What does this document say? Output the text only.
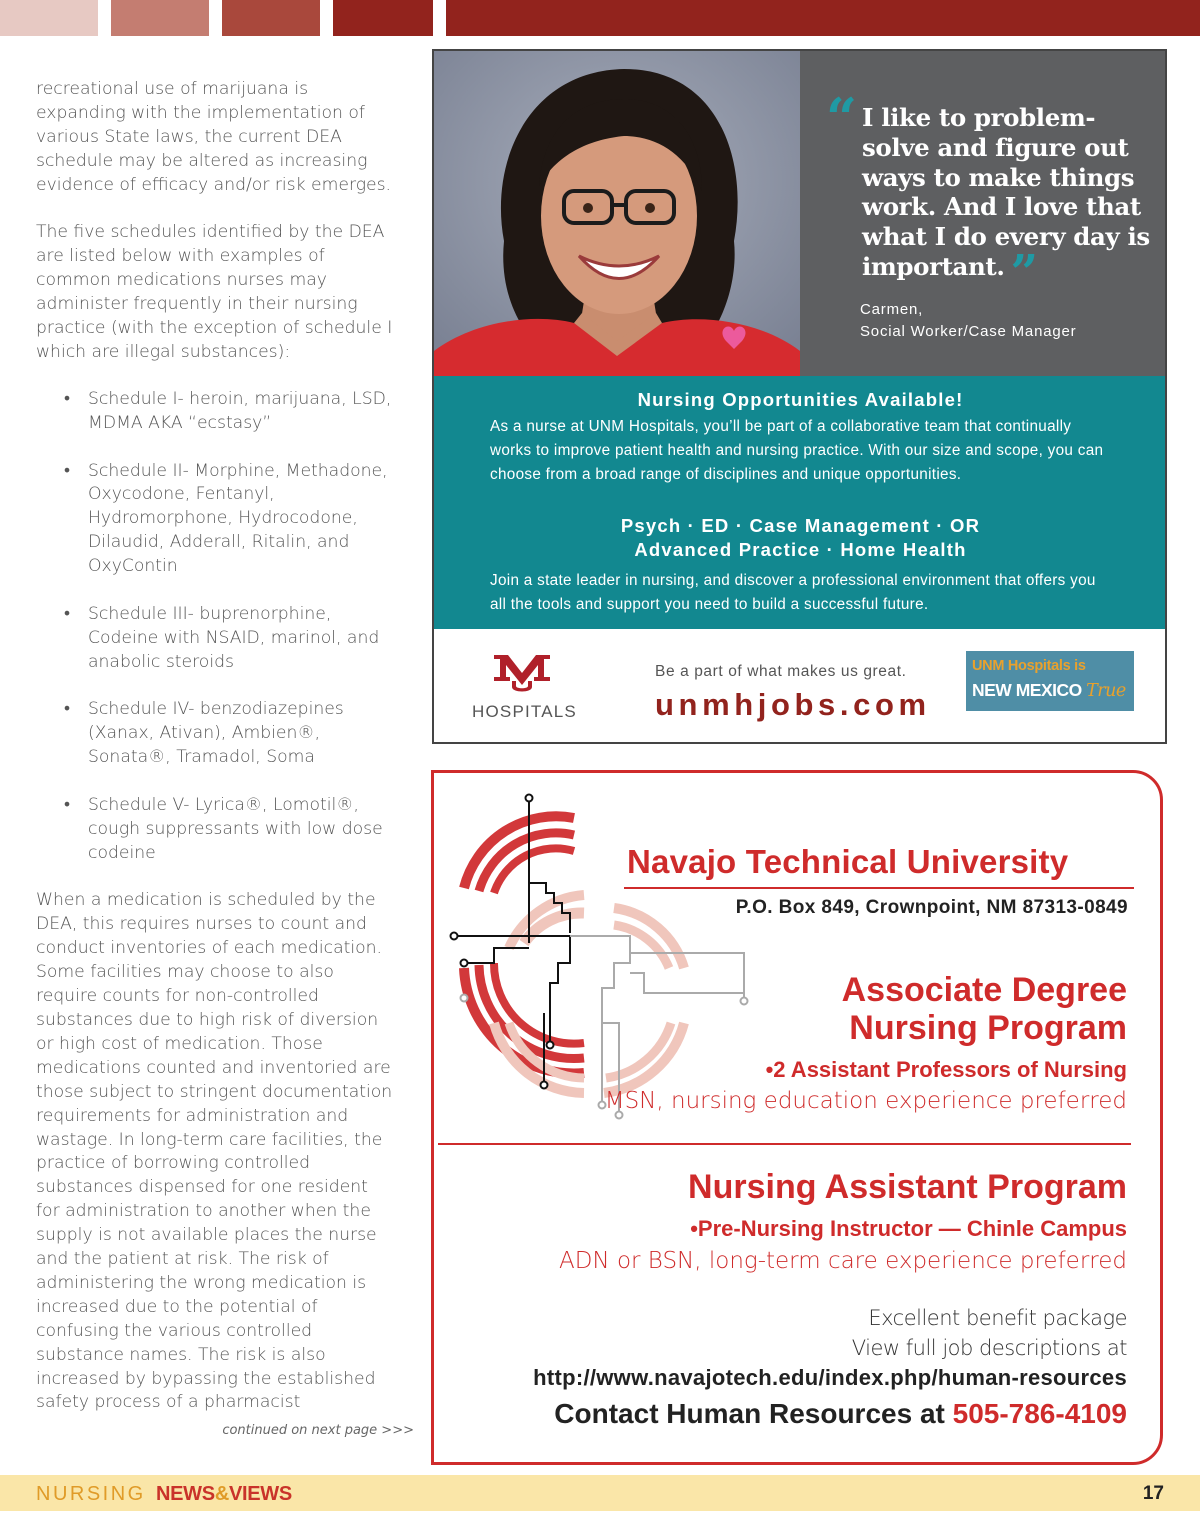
recreational use of marijuana is expanding with the implementation of various State laws, the current DEA schedule may be altered as increasing evidence of efficacy and/or risk emerges.

The five schedules identified by the DEA are listed below with examples of common medications nurses may administer frequently in their nursing practice (with the exception of schedule I which are illegal substances):

• Schedule I- heroin, marijuana, LSD, MDMA AKA “ecstasy”
• Schedule II- Morphine, Methadone, Oxycodone, Fentanyl, Hydromorphone, Hydrocodone, Dilaudid, Adderall, Ritalin, and OxyContin
• Schedule III- buprenorphine, Codeine with NSAID, marinol, and anabolic steroids
• Schedule IV- benzodiazepines (Xanax, Ativan), Ambien®, Sonata®, Tramadol, Soma
• Schedule V- Lyrica®, Lomotil®, cough suppressants with low dose codeine

When a medication is scheduled by the DEA, this requires nurses to count and conduct inventories of each medication. Some facilities may choose to also require counts for non-controlled substances due to high risk of diversion or high cost of medication. Those medications counted and inventoried are those subject to stringent documentation requirements for administration and wastage. In long-term care facilities, the practice of borrowing controlled substances dispensed for one resident for administration to another when the supply is not available places the nurse and the patient at risk. The risk of administering the wrong medication is increased due to the potential of confusing the various controlled substance names. The risk is also increased by bypassing the established safety process of a pharmacist

continued on next page >>>
“ I like to problem-solve and figure out ways to make things work. And I love that what I do every day is important. ”
Carmen,
Social Worker/Case Manager
Nursing Opportunities Available!
As a nurse at UNM Hospitals, you’ll be part of a collaborative team that continually works to improve patient health and nursing practice. With our size and scope, you can choose from a broad range of disciplines and unique opportunities.
Psych · ED · Case Management · OR
Advanced Practice · Home Health
Join a state leader in nursing, and discover a professional environment that offers you all the tools and support you need to build a successful future.
HOSPITALS
Be a part of what makes us great.
unmhjobs.com
UNM Hospitals is
NEW MEXICO True
Navajo Technical University
P.O. Box 849, Crownpoint, NM 87313-0849
Associate Degree
Nursing Program
•2 Assistant Professors of Nursing
MSN, nursing education experience preferred
Nursing Assistant Program
•Pre-Nursing Instructor — Chinle Campus
ADN or BSN, long-term care experience preferred
Excellent benefit package
View full job descriptions at
http://www.navajotech.edu/index.php/human-resources
Contact Human Resources at 505-786-4109
NURSING NEWS&VIEWS	17
